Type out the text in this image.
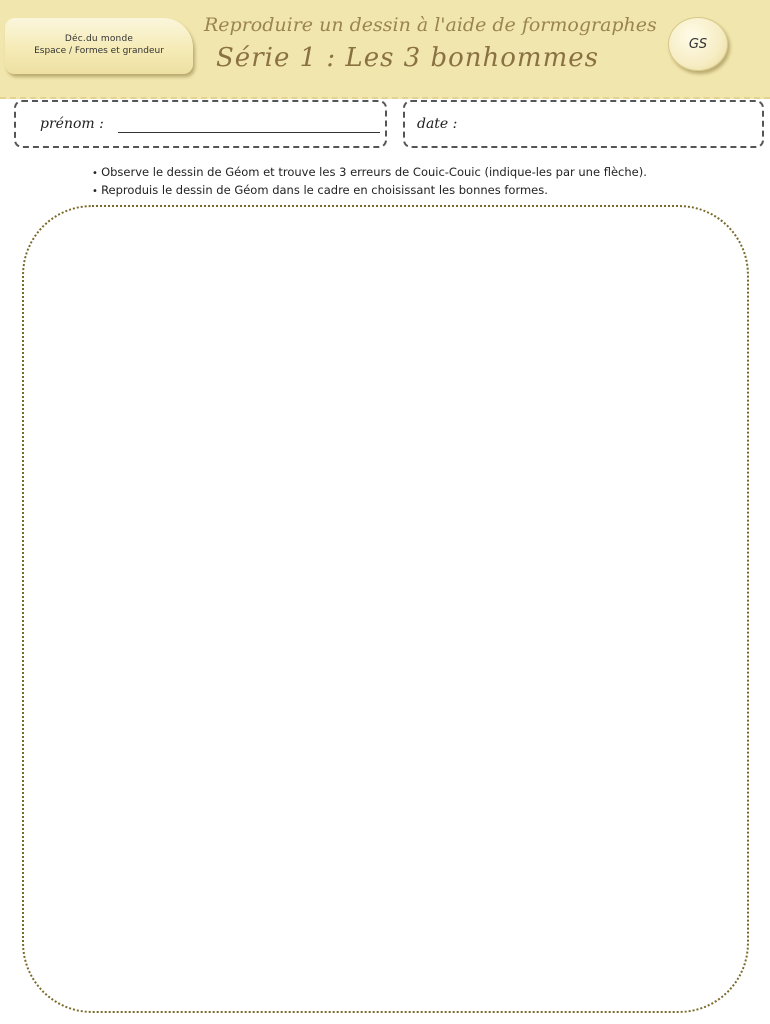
Déc.du monde
Espace / Formes et grandeur
Reproduire un dessin à l'aide de formographes
Série 1 : Les 3 bonhommes	GS
prénom :	date :
• Observe le dessin de Géom et trouve les 3 erreurs de Couic-Couic (indique-les par une flèche).
• Reproduis le dessin de Géom dans le cadre en choisissant les bonnes formes.
